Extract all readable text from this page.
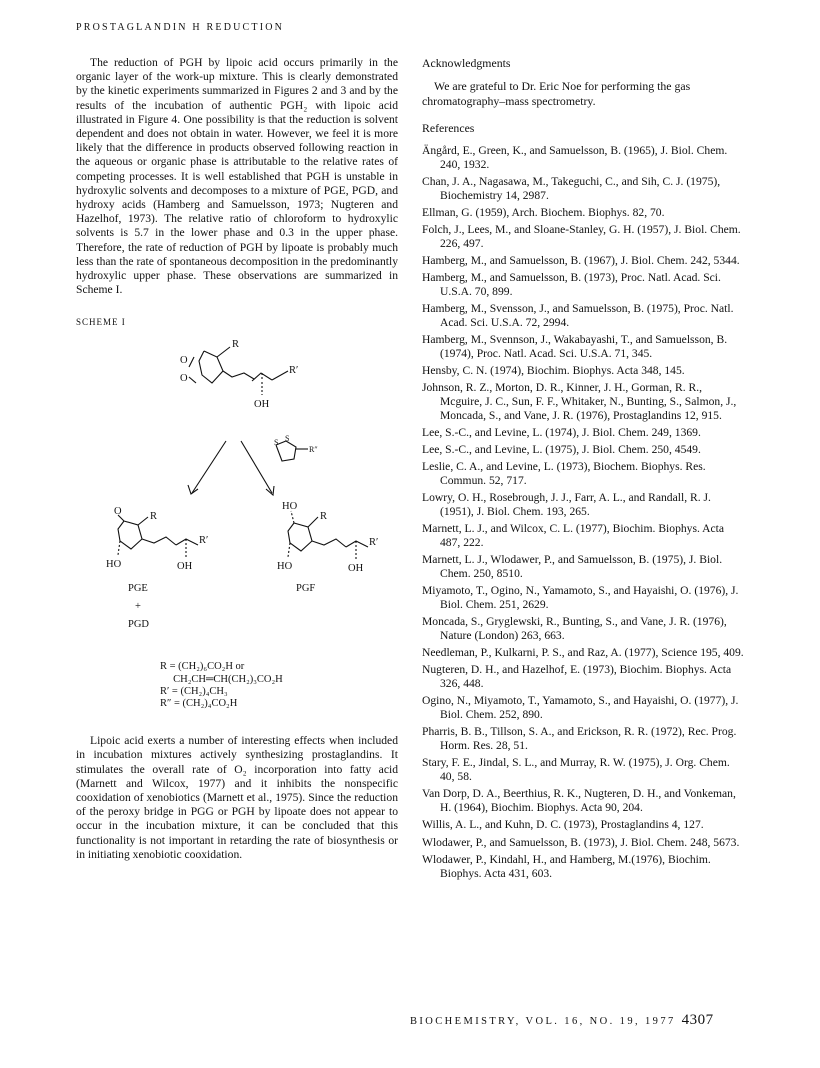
PROSTAGLANDIN H REDUCTION

The reduction of PGH by lipoic acid occurs primarily in the organic layer of the work-up mixture. This is clearly demonstrated by the kinetic experiments summarized in Figures 2 and 3 and by the results of the incubation of authentic PGH₂ with lipoic acid illustrated in Figure 4. One possibility is that the reduction is solvent dependent and does not obtain in water. However, we feel it is more likely that the difference in products observed following reaction in the aqueous or organic phase is attributable to the relative rates of competing processes. It is well established that PGH is unstable in hydroxylic solvents and decomposes to a mixture of PGE, PGD, and hydroxy acids (Hamberg and Samuelsson, 1973; Nugteren and Hazelhof, 1973). The relative ratio of chloroform to hydroxylic solvents is 5.7 in the lower phase and 0.3 in the upper phase. Therefore, the rate of reduction of PGH by lipoate is probably much less than the rate of spontaneous decomposition in the predominantly hydroxylic upper phase. These observations are summarized in Scheme I.

SCHEME I
O
O
R
R′
OH
S S
R″
O	R
R′
HO	OH
HO
R
R′
HO	OH
PGE
+
PGD
PGF
R = (CH₂)₆CO₂H or
CH₂CH═CH(CH₂)₃CO₂H
R′ = (CH₂)₄CH₃
R″ = (CH₂)₄CO₂H

Lipoic acid exerts a number of interesting effects when included in incubation mixtures actively synthesizing prostaglandins. It stimulates the overall rate of O₂ incorporation into fatty acid (Marnett and Wilcox, 1977) and it inhibits the nonspecific cooxidation of xenobiotics (Marnett et al., 1975). Since the reduction of the peroxy bridge in PGG or PGH by lipoate does not appear to occur in the incubation mixture, it can be concluded that this functionality is not important in retarding the rate of biosynthesis or in initiating xenobiotic cooxidation.

Acknowledgments

We are grateful to Dr. Eric Noe for performing the gas chromatography–mass spectrometry.

References
Ängård, E., Green, K., and Samuelsson, B. (1965), J. Biol. Chem. 240, 1932.
Chan, J. A., Nagasawa, M., Takeguchi, C., and Sih, C. J. (1975), Biochemistry 14, 2987.
Ellman, G. (1959), Arch. Biochem. Biophys. 82, 70.
Folch, J., Lees, M., and Sloane-Stanley, G. H. (1957), J. Biol. Chem. 226, 497.
Hamberg, M., and Samuelsson, B. (1967), J. Biol. Chem. 242, 5344.
Hamberg, M., and Samuelsson, B. (1973), Proc. Natl. Acad. Sci. U.S.A. 70, 899.
Hamberg, M., Svensson, J., and Samuelsson, B. (1975), Proc. Natl. Acad. Sci. U.S.A. 72, 2994.
Hamberg, M., Svennson, J., Wakabayashi, T., and Samuelsson, B. (1974), Proc. Natl. Acad. Sci. U.S.A. 71, 345.
Hensby, C. N. (1974), Biochim. Biophys. Acta 348, 145.
Johnson, R. Z., Morton, D. R., Kinner, J. H., Gorman, R. R., Mcguire, J. C., Sun, F. F., Whitaker, N., Bunting, S., Salmon, J., Moncada, S., and Vane, J. R. (1976), Prostaglandins 12, 915.
Lee, S.-C., and Levine, L. (1974), J. Biol. Chem. 249, 1369.
Lee, S.-C., and Levine, L. (1975), J. Biol. Chem. 250, 4549.
Leslie, C. A., and Levine, L. (1973), Biochem. Biophys. Res. Commun. 52, 717.
Lowry, O. H., Rosebrough, J. J., Farr, A. L., and Randall, R. J. (1951), J. Biol. Chem. 193, 265.
Marnett, L. J., and Wilcox, C. L. (1977), Biochim. Biophys. Acta 487, 222.
Marnett, L. J., Wlodawer, P., and Samuelsson, B. (1975), J. Biol. Chem. 250, 8510.
Miyamoto, T., Ogino, N., Yamamoto, S., and Hayaishi, O. (1976), J. Biol. Chem. 251, 2629.
Moncada, S., Gryglewski, R., Bunting, S., and Vane, J. R. (1976), Nature (London) 263, 663.
Needleman, P., Kulkarni, P. S., and Raz, A. (1977), Science 195, 409.
Nugteren, D. H., and Hazelhof, E. (1973), Biochim. Biophys. Acta 326, 448.
Ogino, N., Miyamoto, T., Yamamoto, S., and Hayaishi, O. (1977), J. Biol. Chem. 252, 890.
Pharris, B. B., Tillson, S. A., and Erickson, R. R. (1972), Rec. Prog. Horm. Res. 28, 51.
Stary, F. E., Jindal, S. L., and Murray, R. W. (1975), J. Org. Chem. 40, 58.
Van Dorp, D. A., Beerthius, R. K., Nugteren, D. H., and Vonkeman, H. (1964), Biochim. Biophys. Acta 90, 204.
Willis, A. L., and Kuhn, D. C. (1973), Prostaglandins 4, 127.
Wlodawer, P., and Samuelsson, B. (1973), J. Biol. Chem. 248, 5673.
Wlodawer, P., Kindahl, H., and Hamberg, M.(1976), Biochim. Biophys. Acta 431, 603.
BIOCHEMISTRY, VOL. 16, NO. 19, 1977 4307
